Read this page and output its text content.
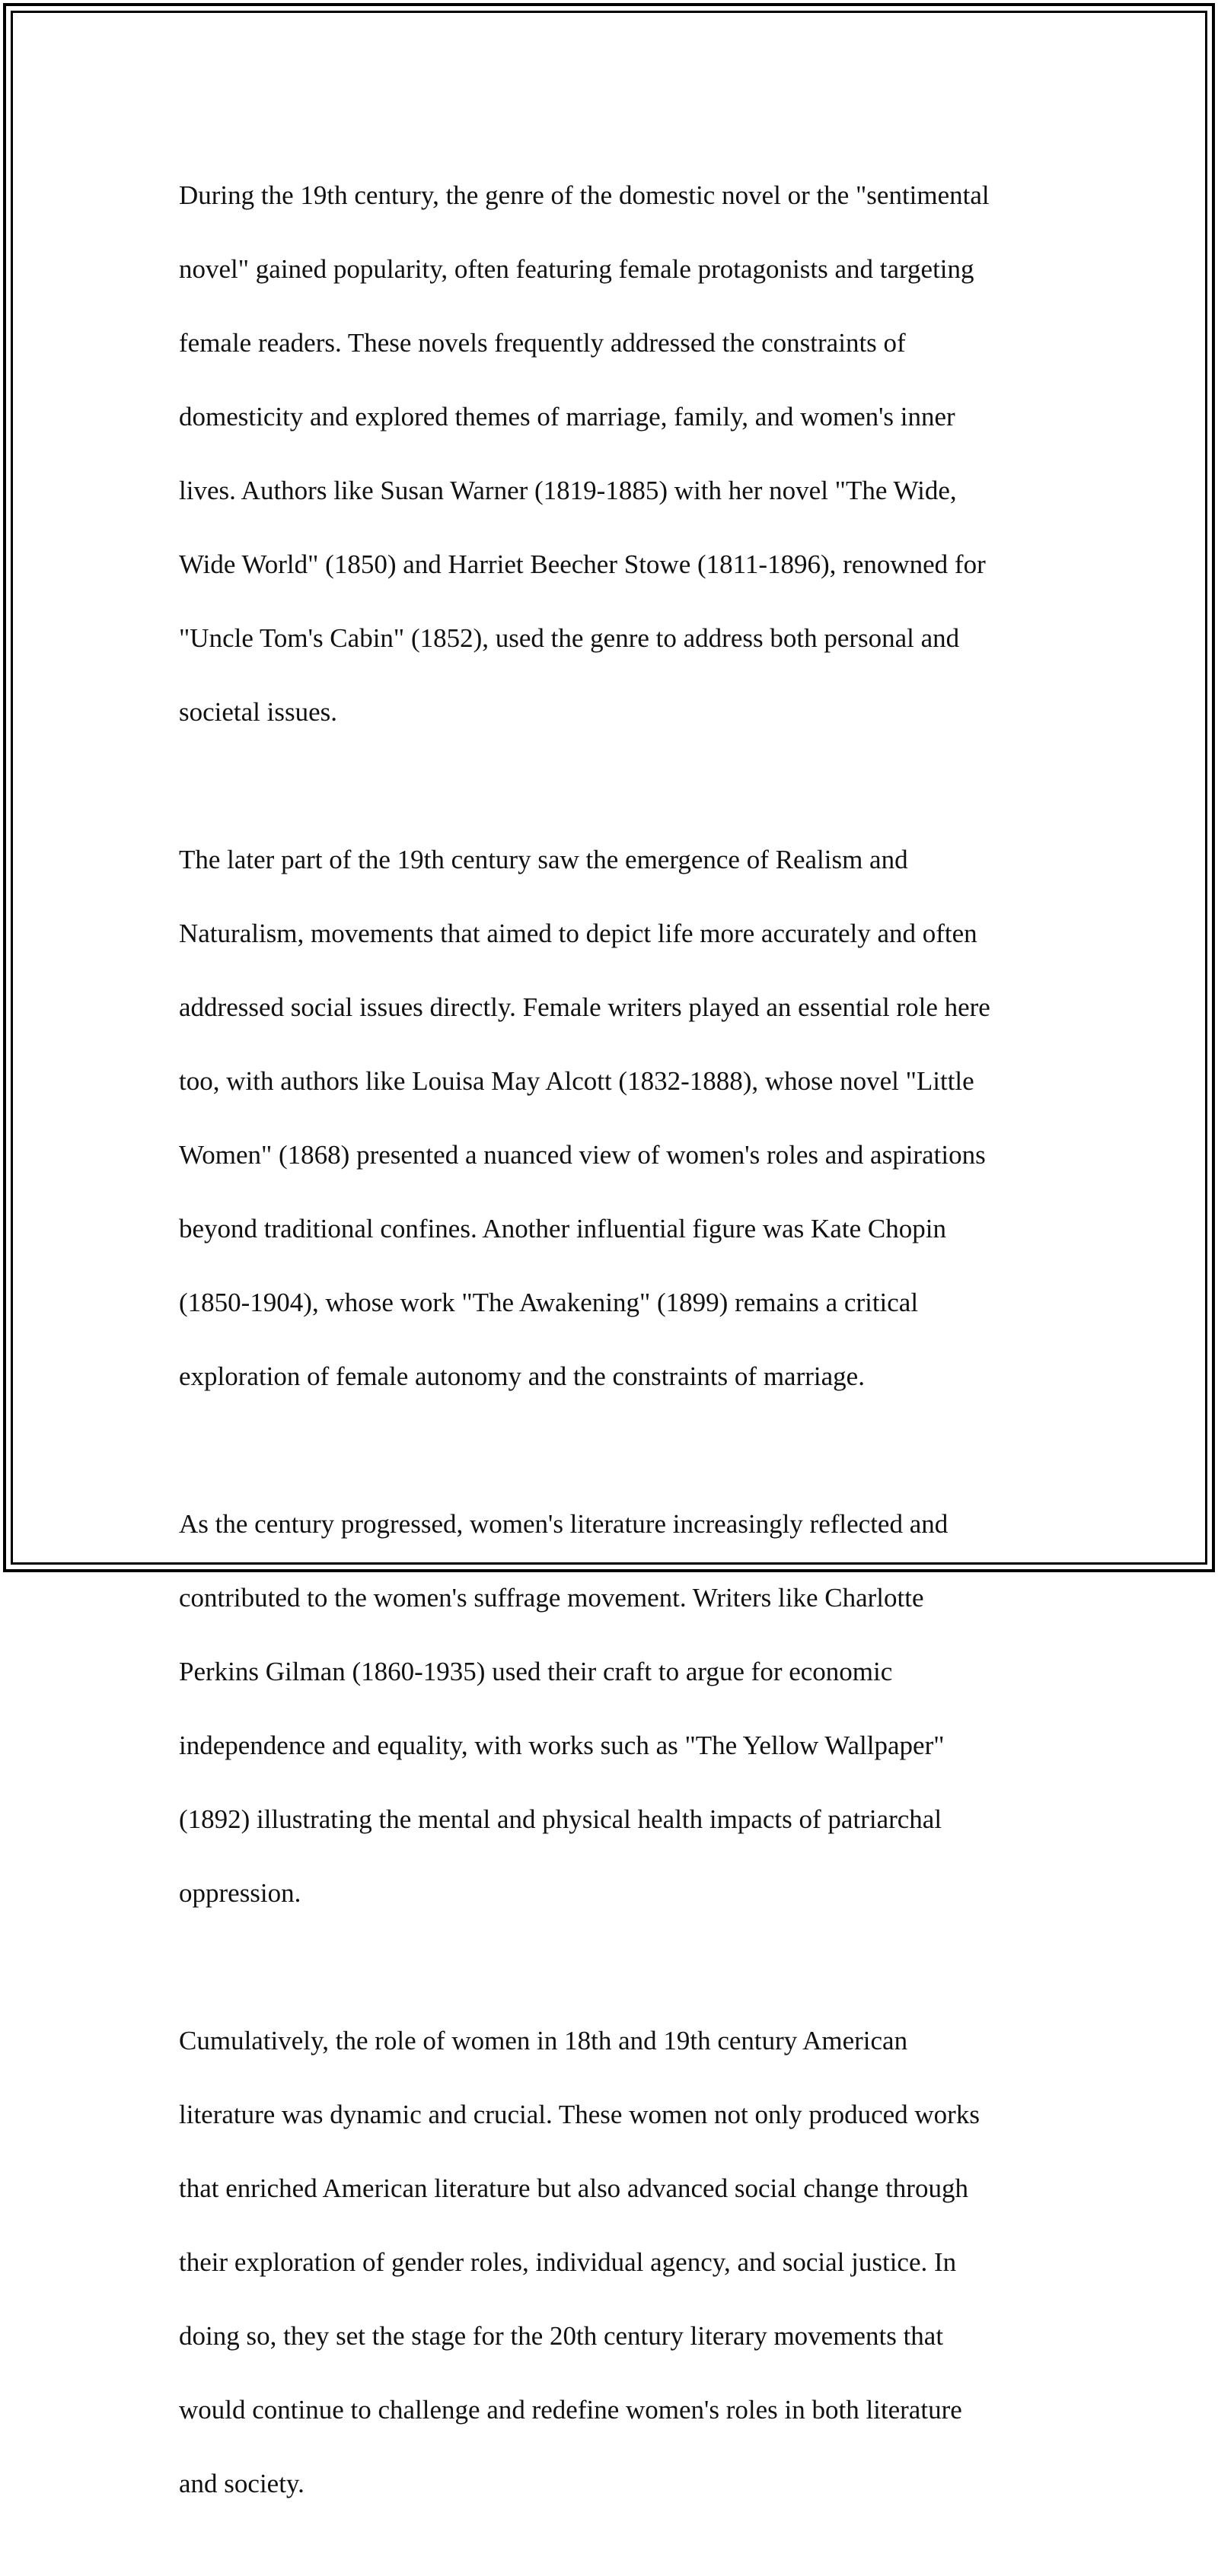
During the 19th century, the genre of the domestic novel or the "sentimental

novel" gained popularity, often featuring female protagonists and targeting

female readers. These novels frequently addressed the constraints of

domesticity and explored themes of marriage, family, and women's inner

lives. Authors like Susan Warner (1819-1885) with her novel "The Wide,

Wide World" (1850) and Harriet Beecher Stowe (1811-1896), renowned for

"Uncle Tom's Cabin" (1852), used the genre to address both personal and

societal issues.

The later part of the 19th century saw the emergence of Realism and

Naturalism, movements that aimed to depict life more accurately and often

addressed social issues directly. Female writers played an essential role here

too, with authors like Louisa May Alcott (1832-1888), whose novel "Little

Women" (1868) presented a nuanced view of women's roles and aspirations

beyond traditional confines. Another influential figure was Kate Chopin

(1850-1904), whose work "The Awakening" (1899) remains a critical

exploration of female autonomy and the constraints of marriage.

As the century progressed, women's literature increasingly reflected and

contributed to the women's suffrage movement. Writers like Charlotte

Perkins Gilman (1860-1935) used their craft to argue for economic

independence and equality, with works such as "The Yellow Wallpaper"

(1892) illustrating the mental and physical health impacts of patriarchal

oppression.

Cumulatively, the role of women in 18th and 19th century American

literature was dynamic and crucial. These women not only produced works

that enriched American literature but also advanced social change through

their exploration of gender roles, individual agency, and social justice. In

doing so, they set the stage for the 20th century literary movements that

would continue to challenge and redefine women's roles in both literature

and society.
